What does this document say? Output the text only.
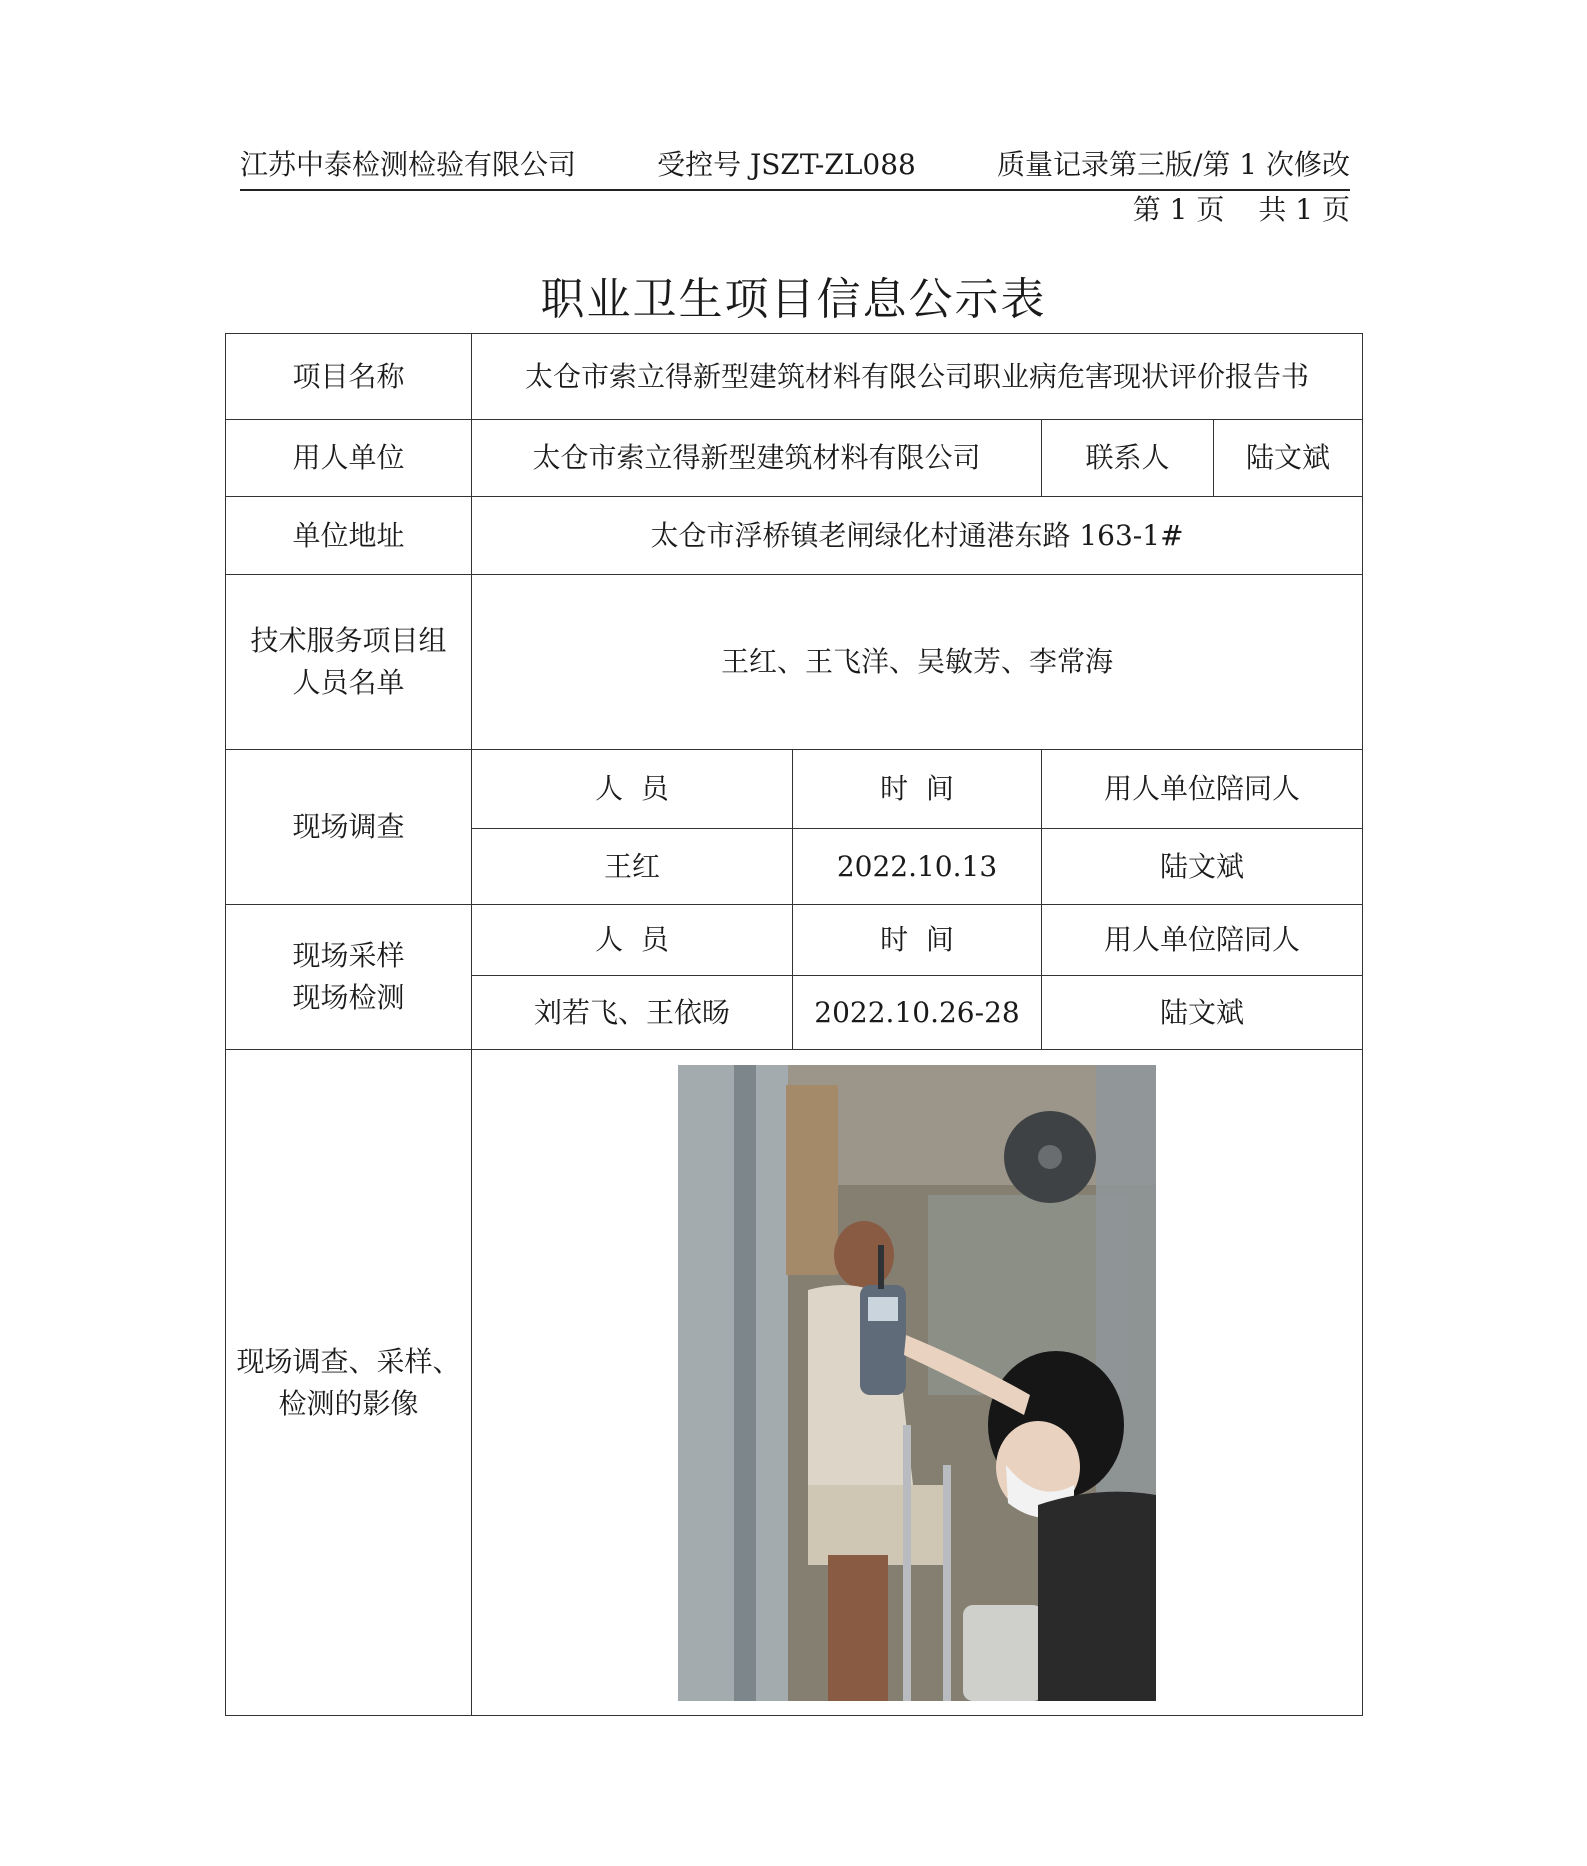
江苏中泰检测检验有限公司	受控号 JSZT-ZL088	质量记录第三版/第 1 次修改
第 1 页 共 1 页
职业卫生项目信息公示表
项目名称	太仓市索立得新型建筑材料有限公司职业病危害现状评价报告书			
用人单位	太仓市索立得新型建筑材料有限公司		联系人	陆文斌
单位地址	太仓市浮桥镇老闸绿化村通港东路 163-1#			

技术服务项目组
人员名单	王红、王飞洋、吴敏芳、李常海			
现场调查	人  员	时  间	用人单位陪同人	
	王红	2022.10.13	陆文斌	

现场采样
现场检测	人  员	时  间	用人单位陪同人	
	刘若飞、王依旸	2022.10.26-28	陆文斌	

现场调查、采样、
检测的影像
